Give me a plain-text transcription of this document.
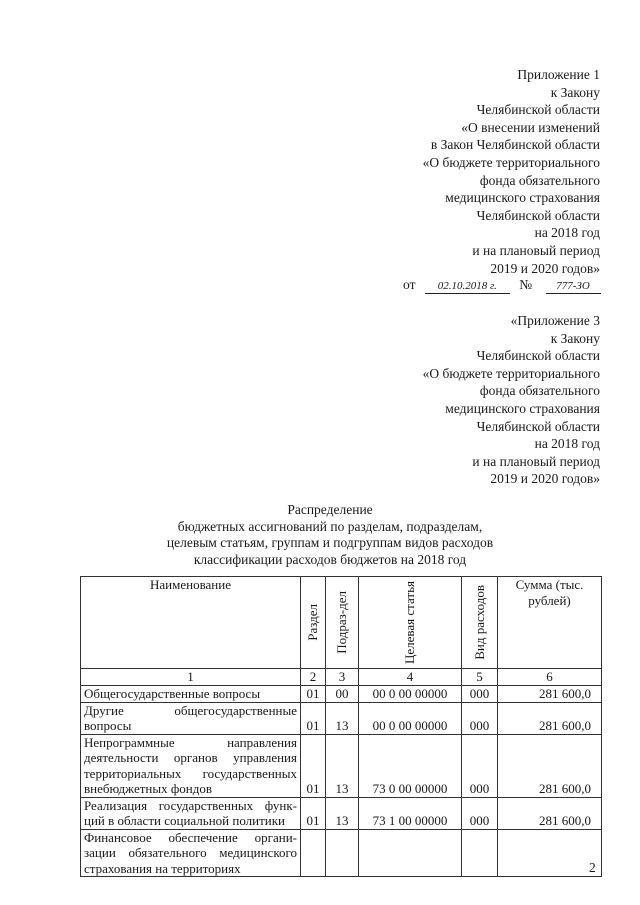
Приложение 1
к Закону
Челябинской области
«О внесении изменений
в Закон Челябинской области
«О бюджете территориального
фонда обязательного
медицинского страхования
Челябинской области
на 2018 год
и на плановый период
2019 и 2020 годов»
от 02.10.2018 г. № 777-ЗО
«Приложение 3
к Закону
Челябинской области
«О бюджете территориального
фонда обязательного
медицинского страхования
Челябинской области
на 2018 год
и на плановый период
2019 и 2020 годов»
Распределение
бюджетных ассигнований по разделам, подразделам,
целевым статьям, группам и подгруппам видов расходов
классификации расходов бюджетов на 2018 год
Наименование	Раздел	Подраз-дел	Целевая статья	Вид расходов	Сумма (тыс. рублей)
1	2	3	4	5	6
Общегосударственные вопросы	01	00	00 0 00 00000	000	281 600,0
Другие общегосударственные вопросы	01	13	00 0 00 00000	000	281 600,0
Непрограммные направления деятельности органов управления территориальных государственных внебюджетных фондов	01	13	73 0 00 00000	000	281 600,0
Реализация государственных функ-ций в области социальной политики	01	13	73 1 00 00000	000	281 600,0
Финансовое обеспечение органи-зации обязательного медицинского страхования на территориях						2
